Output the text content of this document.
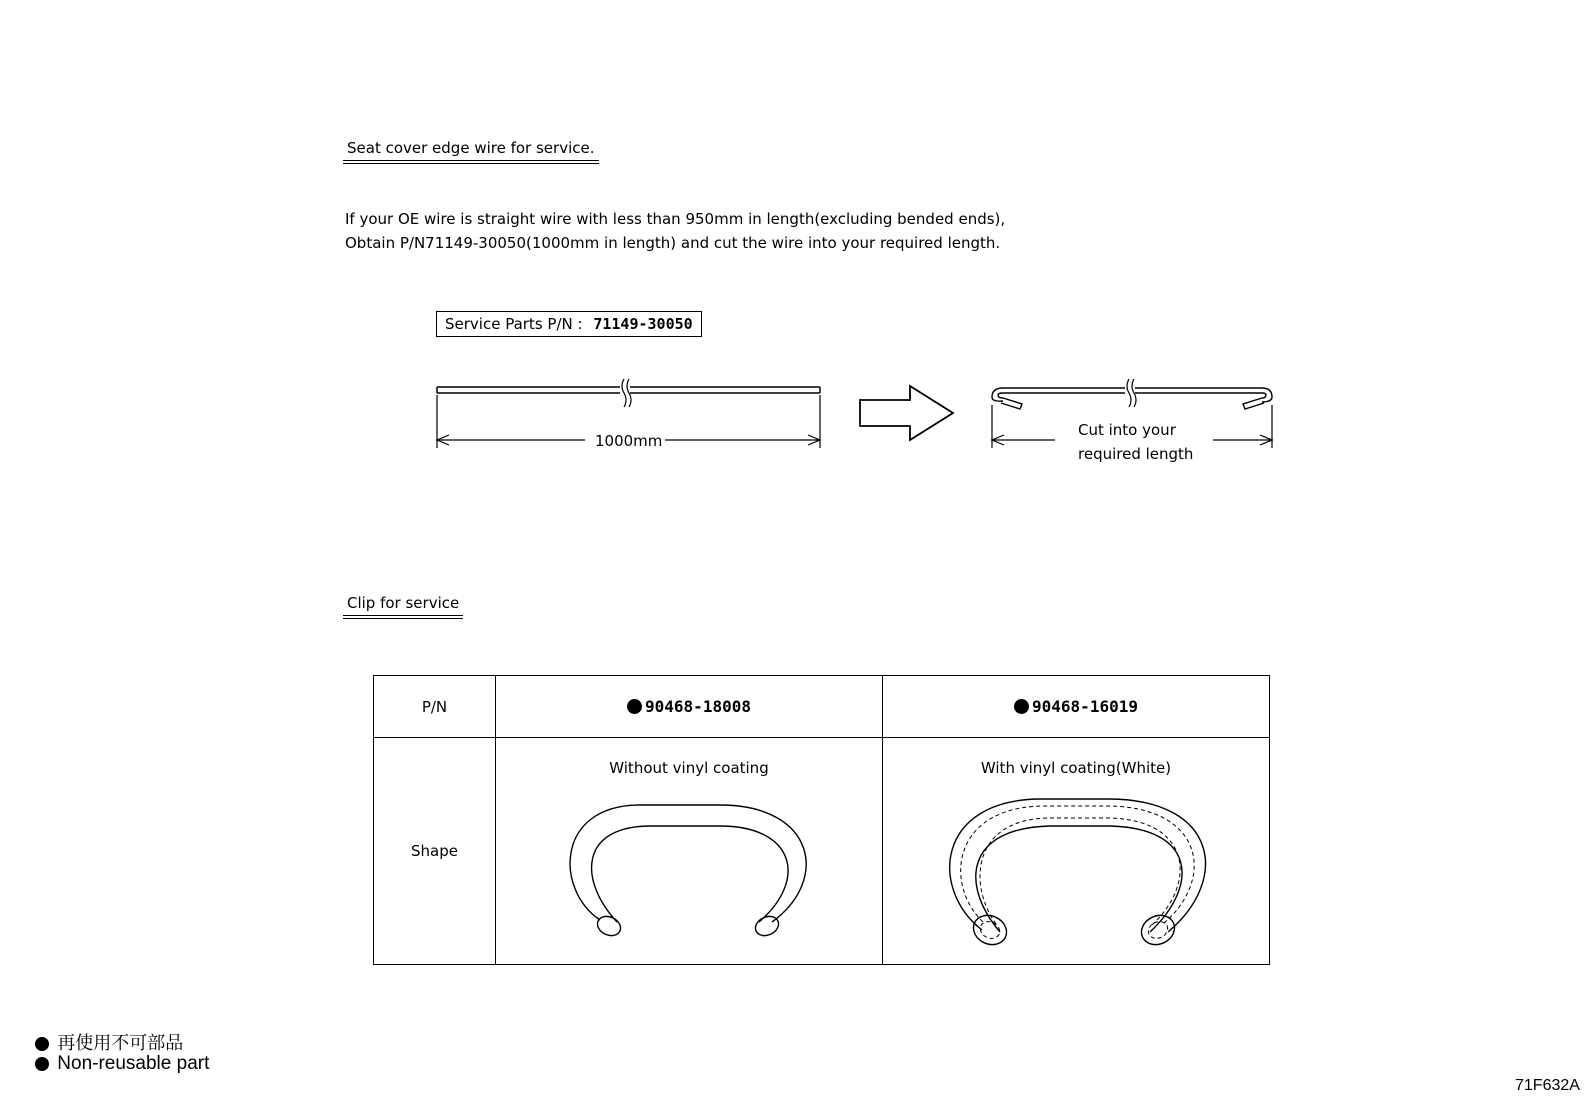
Seat cover edge wire for service.
If your OE wire is straight wire with less than 950mm in length(excluding bended ends),
Obtain P/N71149-30050(1000mm in length) and cut the wire into your required length.
Service Parts P/N : 71149-30050
1000mm
Cut into your
required length
Clip for service
P/N	90468-18008	90468-16019
Shape	Without vinyl coating	With vinyl coating(White)
再使用不可部品
Non-reusable part
71F632A
